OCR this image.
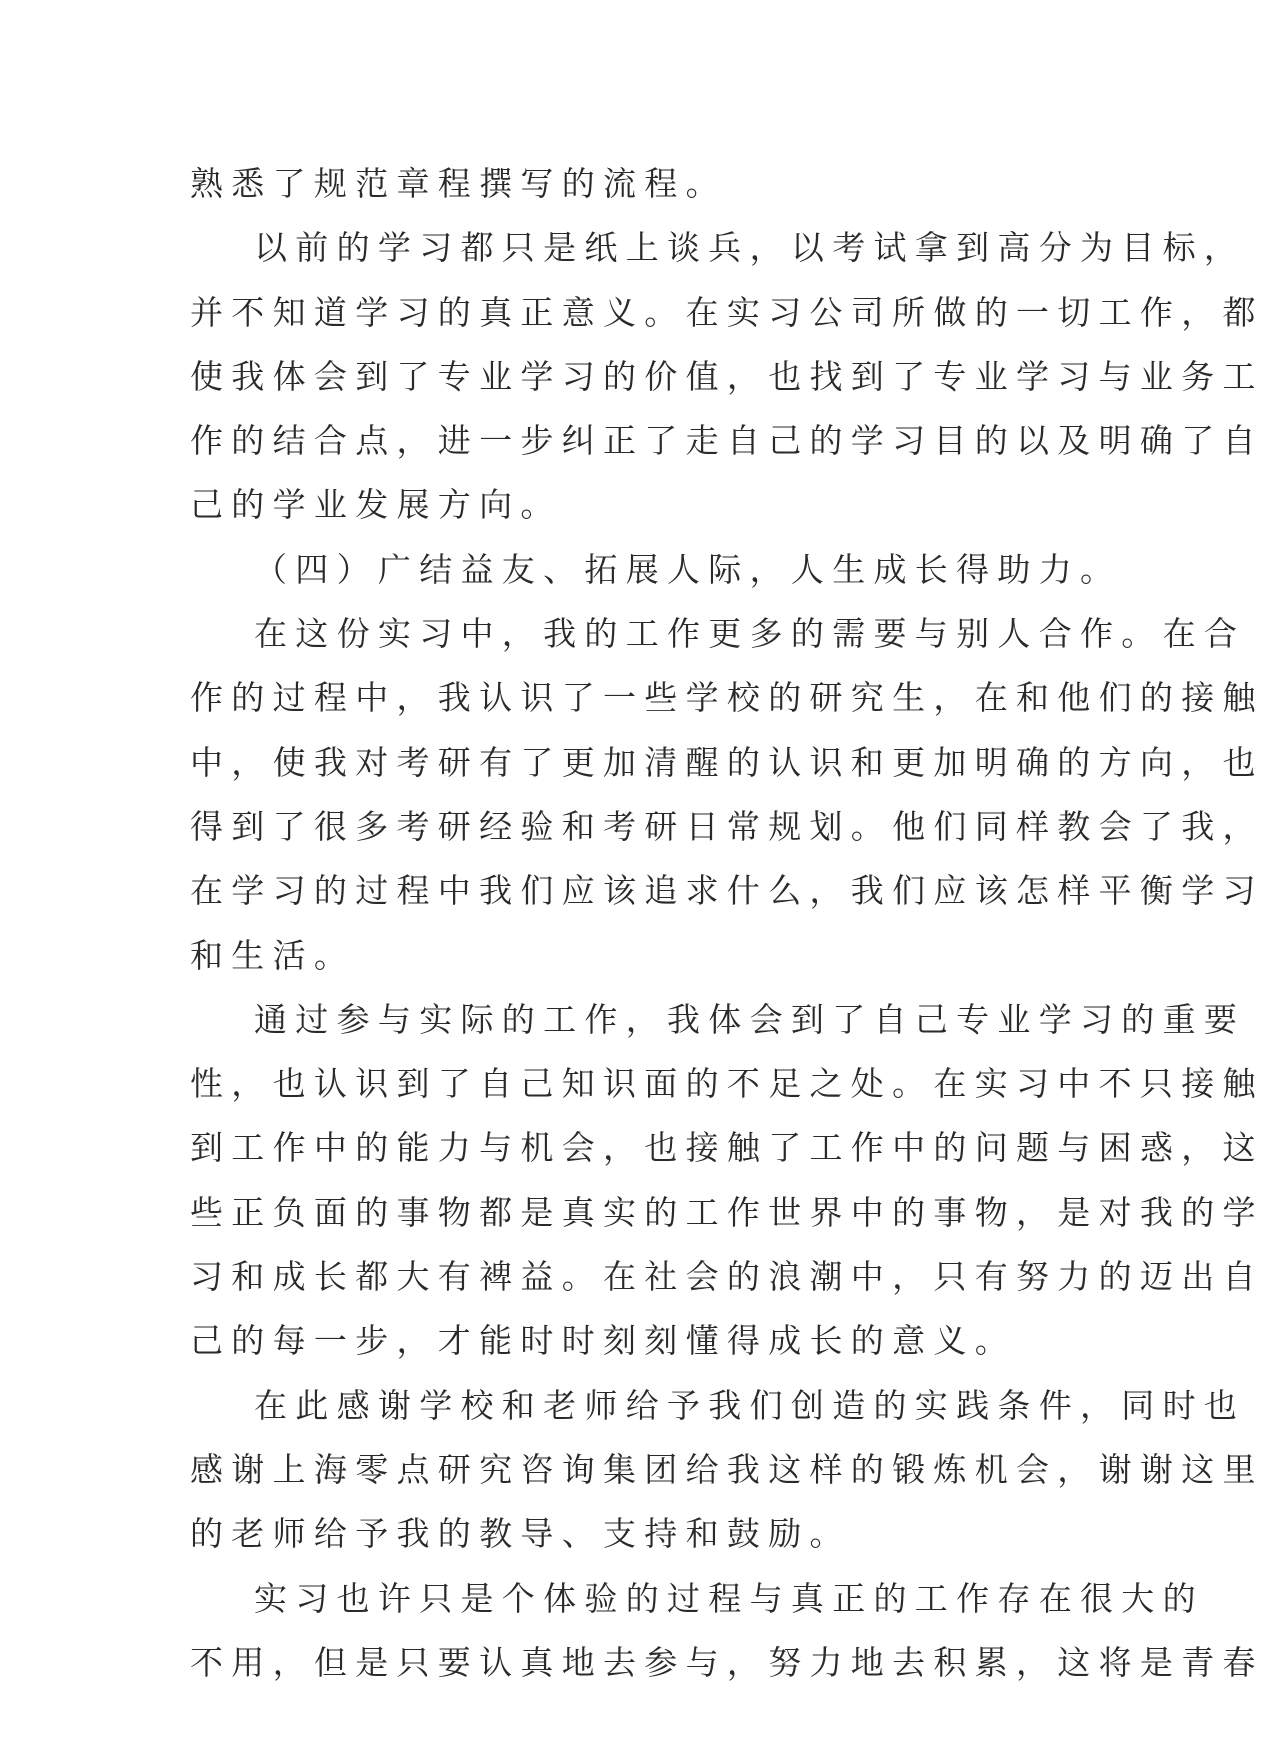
熟悉了规范章程撰写的流程。
以前的学习都只是纸上谈兵，以考试拿到高分为目标，
并不知道学习的真正意义。在实习公司所做的一切工作，都
使我体会到了专业学习的价值，也找到了专业学习与业务工
作的结合点，进一步纠正了走自己的学习目的以及明确了自
己的学业发展方向。
（四）广结益友、拓展人际，人生成长得助力。
在这份实习中，我的工作更多的需要与别人合作。在合
作的过程中，我认识了一些学校的研究生，在和他们的接触
中，使我对考研有了更加清醒的认识和更加明确的方向，也
得到了很多考研经验和考研日常规划。他们同样教会了我，
在学习的过程中我们应该追求什么，我们应该怎样平衡学习
和生活。
通过参与实际的工作，我体会到了自己专业学习的重要
性，也认识到了自己知识面的不足之处。在实习中不只接触
到工作中的能力与机会，也接触了工作中的问题与困惑，这
些正负面的事物都是真实的工作世界中的事物，是对我的学
习和成长都大有裨益。在社会的浪潮中，只有努力的迈出自
己的每一步，才能时时刻刻懂得成长的意义。
在此感谢学校和老师给予我们创造的实践条件，同时也
感谢上海零点研究咨询集团给我这样的锻炼机会，谢谢这里
的老师给予我的教导、支持和鼓励。
实习也许只是个体验的过程与真正的工作存在很大的
不用，但是只要认真地去参与，努力地去积累，这将是青春
